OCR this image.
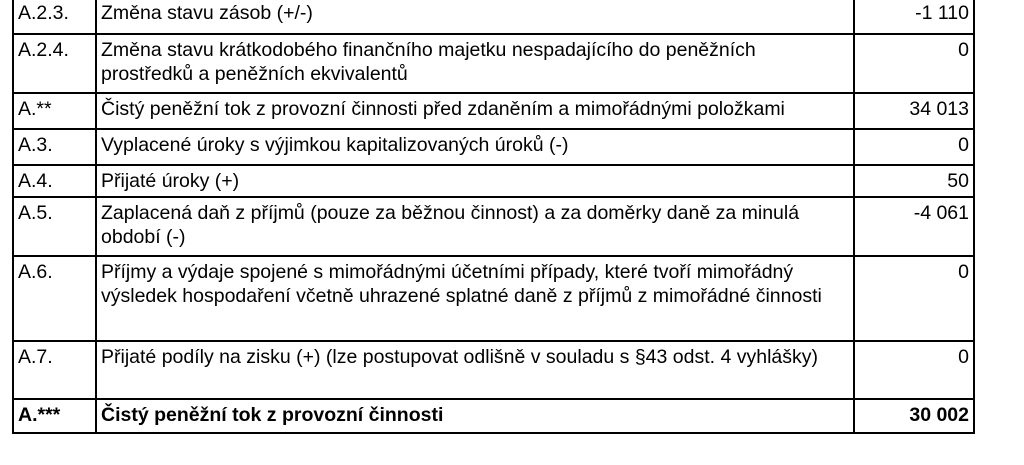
A.2.3.	Změna stavu zásob (+/-)	-1 110
A.2.4.	Změna stavu krátkodobého finančního majetku nespadajícího do peněžních prostředků a peněžních ekvivalentů	0
A.**	Čistý peněžní tok z provozní činnosti před zdaněním a mimořádnými položkami	34 013
A.3.	Vyplacené úroky s výjimkou kapitalizovaných úroků (-)	0
A.4.	Přijaté úroky (+)	50
A.5.	Zaplacená daň z příjmů (pouze za běžnou činnost) a za doměrky daně za minulá období (-)	-4 061
A.6.	Příjmy a výdaje spojené s mimořádnými účetními případy, které tvoří mimořádný výsledek hospodaření včetně uhrazené splatné daně z příjmů z mimořádné činnosti	0
A.7.	Přijaté podíly na zisku (+) (lze postupovat odlišně v souladu s §43 odst. 4 vyhlášky)	0
A.***	Čistý peněžní tok z provozní činnosti	30 002
